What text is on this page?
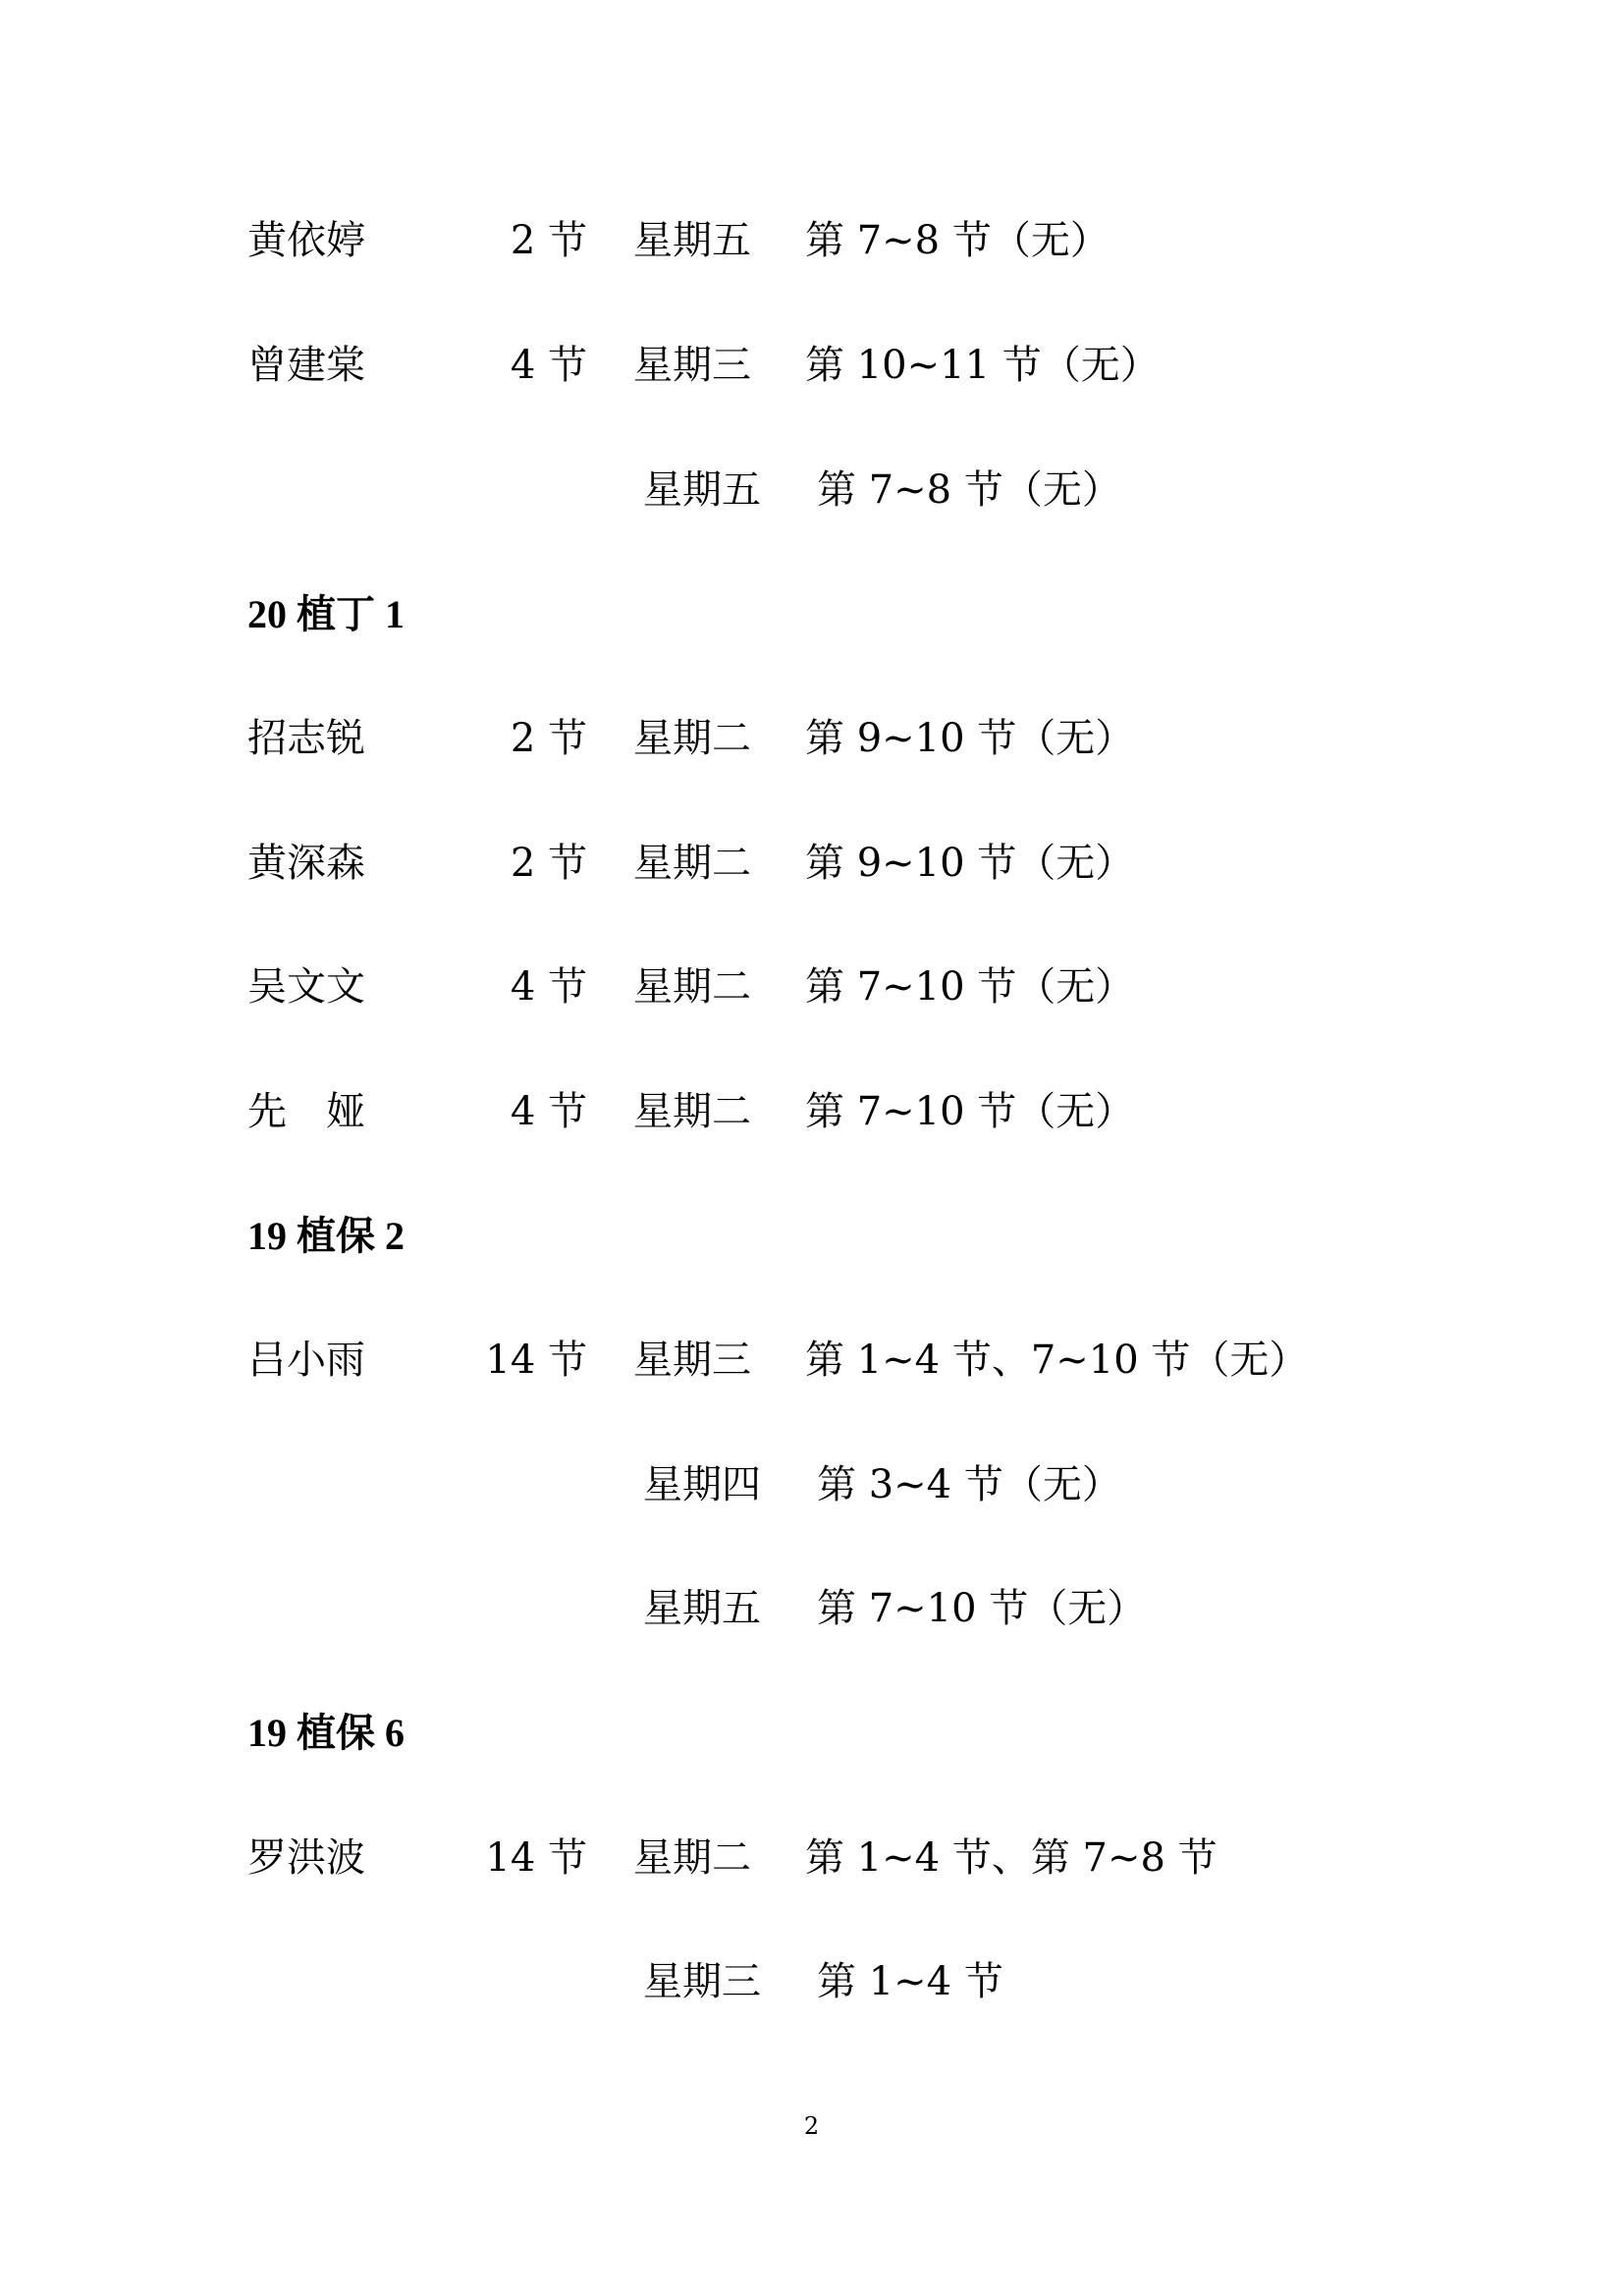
黄依婷	2 节 星期五 第 7~8 节（无）
曾建棠	4 节 星期三 第 10~11 节（无）
星期五 第 7~8 节（无）
20 植丁 1
招志锐	2 节 星期二 第 9~10 节（无）
黄深森	2 节 星期二 第 9~10 节（无）
吴文文	4 节 星期二 第 7~10 节（无）
先　娅	4 节 星期二 第 7~10 节（无）
19 植保 2
吕小雨	14 节 星期三 第 1~4 节、7~10 节（无）
星期四 第 3~4 节（无）
星期五 第 7~10 节（无）
19 植保 6
罗洪波	14 节 星期二 第 1~4 节、第 7~8 节
星期三 第 1~4 节
2
